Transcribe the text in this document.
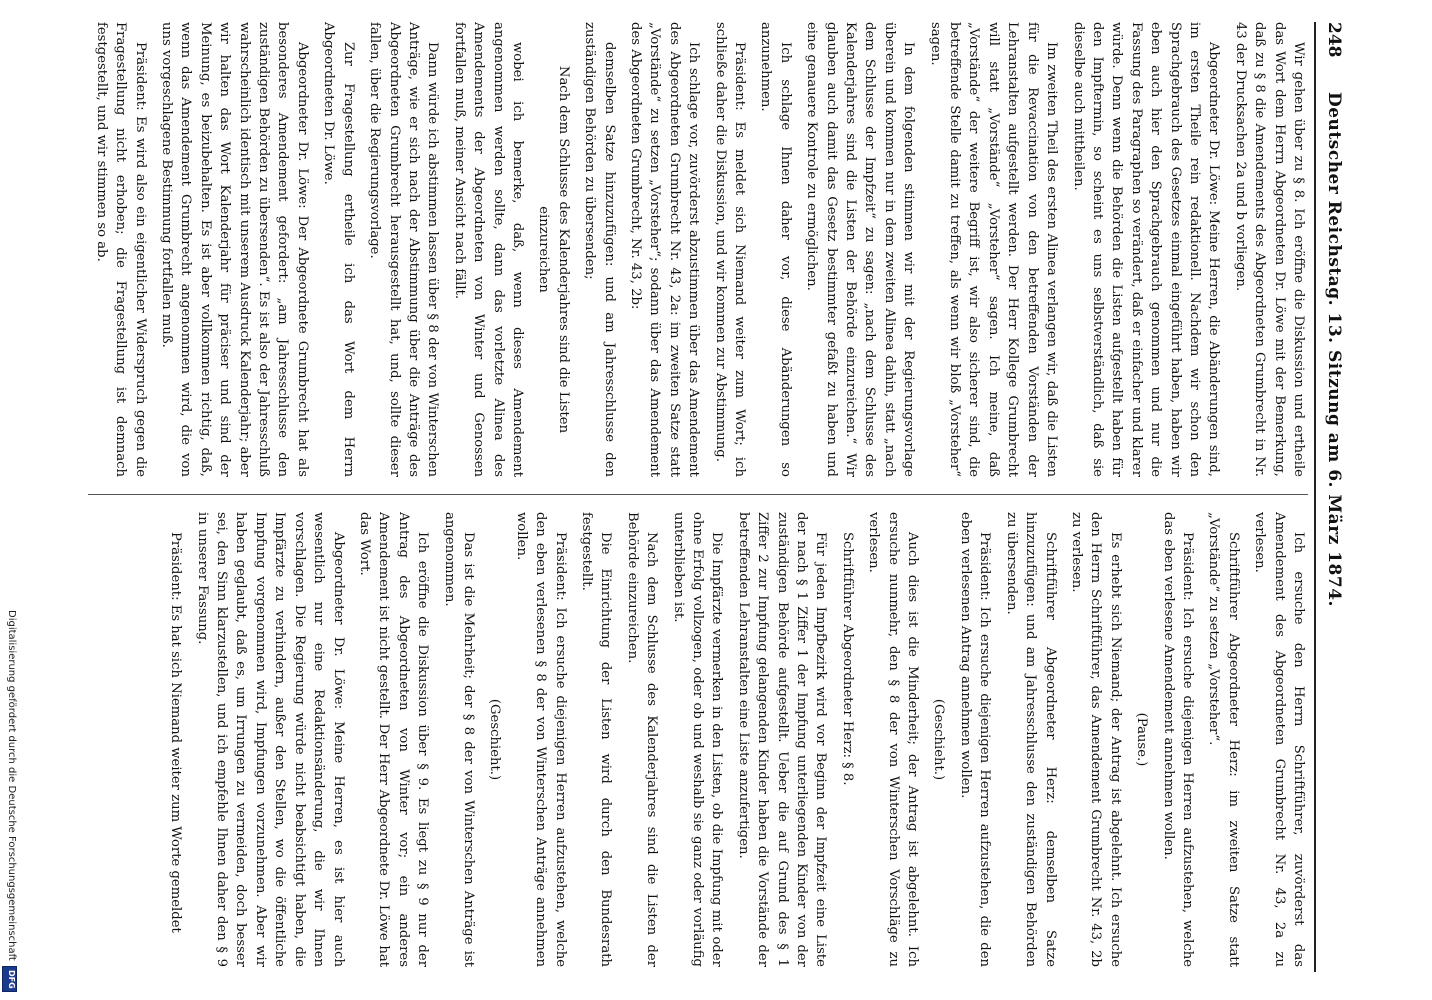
Digitalisierung gefördert durch die Deutsche Forschungsgemeinschaft
DFG
248
Deutscher Reichstag. 13. Sitzung am 6. März 1874.

Wir gehen über zu § 8. Ich eröffne die Diskussion und ertheile das Wort dem Herrn Abgeordneten Dr. Löwe mit der Bemerkung, daß zu § 8 die Amendements des Abgeordneten Grumbrecht in Nr. 43 der Drucksachen 2a und b vorliegen.

Abgeordneter Dr. Löwe: Meine Herren, die Abänderungen sind, im ersten Theile rein redaktionell. Nachdem wir schon den Sprachgebrauch des Gesetzes einmal eingeführt haben, haben wir eben auch hier den Sprachgebrauch genommen und nur die Fassung des Paragraphen so verändert, daß er einfacher und klarer würde. Denn wenn die Behörden die Listen aufgestellt haben für den Impftermin, so scheint es uns selbstverständlich, daß sie dieselbe auch mittheilen.

Im zweiten Theil des ersten Alinea verlangen wir, daß die Listen für die Revaccination von den betreffenden Vorständen der Lehranstalten aufgestellt werden. Der Herr Kollege Grumbrecht will statt „Vorstände“ „Vorsteher“ sagen. Ich meine, daß „Vorstände“ der weitere Begriff ist, wir also sicherer sind, die betreffende Stelle damit zu treffen, als wenn wir bloß „Vorsteher“ sagen.

In dem folgenden stimmen wir mit der Regierungsvorlage überein und kommen nur in dem zweiten Alinea dahin, statt „nach dem Schlusse der Impfzeit“ zu sagen: „nach dem Schlusse des Kalenderjahres sind die Listen der Behörde einzureichen.“ Wir glauben auch damit das Gesetz bestimmter gefaßt zu haben und eine genauere Kontrole zu ermöglichen.

Ich schlage Ihnen daher vor, diese Abänderungen so anzunehmen.

Präsident: Es meldet sich Niemand weiter zum Wort; ich schließe daher die Diskussion, und wir kommen zur Abstimmung.

Ich schlage vor, zuvörderst abzustimmen über das Amendement des Abgeordneten Grumbrecht Nr. 43, 2a: im zweiten Satze statt „Vorstände“ zu setzen „Vorsteher“; sodann über das Amendement des Abgeordneten Grumbrecht, Nr. 43, 2b:

demselben Satze hinzuzufügen: und am Jahresschlusse den zuständigen Behörden zu übersenden;

Nach dem Schlusse des Kalenderjahres sind die Listen einzureichen

wobei ich bemerke, daß, wenn dieses Amendement angenommen werden sollte, dann das vorletzte Alinea des Amendements der Abgeordneten von Winter und Genossen fortfallen muß, meiner Ansicht nach fällt.

Dann würde ich abstimmen lassen über § 8 der von Winterschen Anträge, wie er sich nach der Abstimmung über die Anträge des Abgeordneten Grumbrecht herausgestellt hat, und, sollte dieser fallen, über die Regierungsvorlage.

Zur Fragestellung ertheile ich das Wort dem Herrn Abgeordneten Dr. Löwe.

Abgeordneter Dr. Löwe: Der Abgeordnete Grumbrecht hat als besonderes Amendement gefordert: „am Jahresschlusse den zuständigen Behörden zu übersenden“. Es ist also der Jahresschluß wahrscheinlich identisch mit unserem Ausdruck Kalenderjahr; aber wir halten das Wort Kalenderjahr für präciser und sind der Meinung, es beizubehalten. Es ist aber vollkommen richtig, daß, wenn das Amendement Grumbrecht angenommen wird, die von uns vorgeschlagene Bestimmung fortfallen muß.

Präsident: Es wird also ein eigentlicher Widerspruch gegen die Fragestellung nicht erhoben; die Fragestellung ist demnach festgestellt, und wir stimmen so ab.

Ich ersuche den Herrn Schriftführer, zuvörderst das Amendement des Abgeordneten Grumbrecht Nr. 43, 2a zu verlesen.

Schriftführer Abgeordneter Herz: im zweiten Satze statt „Vorstände“ zu setzen „Vorsteher“.

Präsident: Ich ersuche diejenigen Herren aufzustehen, welche das eben verlesene Amendement annehmen wollen.

(Pause.)

Es erhebt sich Niemand; der Antrag ist abgelehnt. Ich ersuche den Herrn Schriftführer, das Amendement Grumbrecht Nr. 43, 2b zu verlesen.

Schriftführer Abgeordneter Herz: demselben Satze hinzuzufügen: und am Jahresschlusse den zuständigen Behörden zu übersenden.

Präsident: Ich ersuche diejenigen Herren aufzustehen, die den eben verlesenen Antrag annehmen wollen.

(Geschieht.)

Auch dies ist die Minderheit; der Antrag ist abgelehnt. Ich ersuche nunmehr, den § 8 der von Winterschen Vorschläge zu verlesen.

Schriftführer Abgeordneter Herz: § 8.

Für jeden Impfbezirk wird vor Beginn der Impfzeit eine Liste der nach § 1 Ziffer 1 der Impfung unterliegenden Kinder von der zuständigen Behörde aufgestellt. Ueber die auf Grund des § 1 Ziffer 2 zur Impfung gelangenden Kinder haben die Vorstände der betreffenden Lehranstalten eine Liste anzufertigen.

Die Impfärzte vermerken in den Listen, ob die Impfung mit oder ohne Erfolg vollzogen, oder ob und weshalb sie ganz oder vorläufig unterblieben ist.

Nach dem Schlusse des Kalenderjahres sind die Listen der Behörde einzureichen.

Die Einrichtung der Listen wird durch den Bundesrath festgestellt.

Präsident: Ich ersuche diejenigen Herren aufzustehen, welche den eben verlesenen § 8 der von Winterschen Anträge annehmen wollen.

(Geschieht.)

Das ist die Mehrheit; der § 8 der von Winterschen Anträge ist angenommen.

Ich eröffne die Diskussion über § 9. Es liegt zu § 9 nur der Antrag des Abgeordneten von Winter vor; ein anderes Amendement ist nicht gestellt. Der Herr Abgeordnete Dr. Löwe hat das Wort.

Abgeordneter Dr. Löwe: Meine Herren, es ist hier auch wesentlich nur eine Redaktionsänderung, die wir Ihnen vorschlagen. Die Regierung würde nicht beabsichtigt haben, die Impfärzte zu verhindern, außer den Stellen, wo die öffentliche Impfung vorgenommen wird, Impfungen vorzunehmen. Aber wir haben geglaubt, daß es, um Irrungen zu vermeiden, doch besser sei, den Sinn klarzustellen, und ich empfehle Ihnen daher den § 9 in unserer Fassung.

Präsident: Es hat sich Niemand weiter zum Worte gemeldet
